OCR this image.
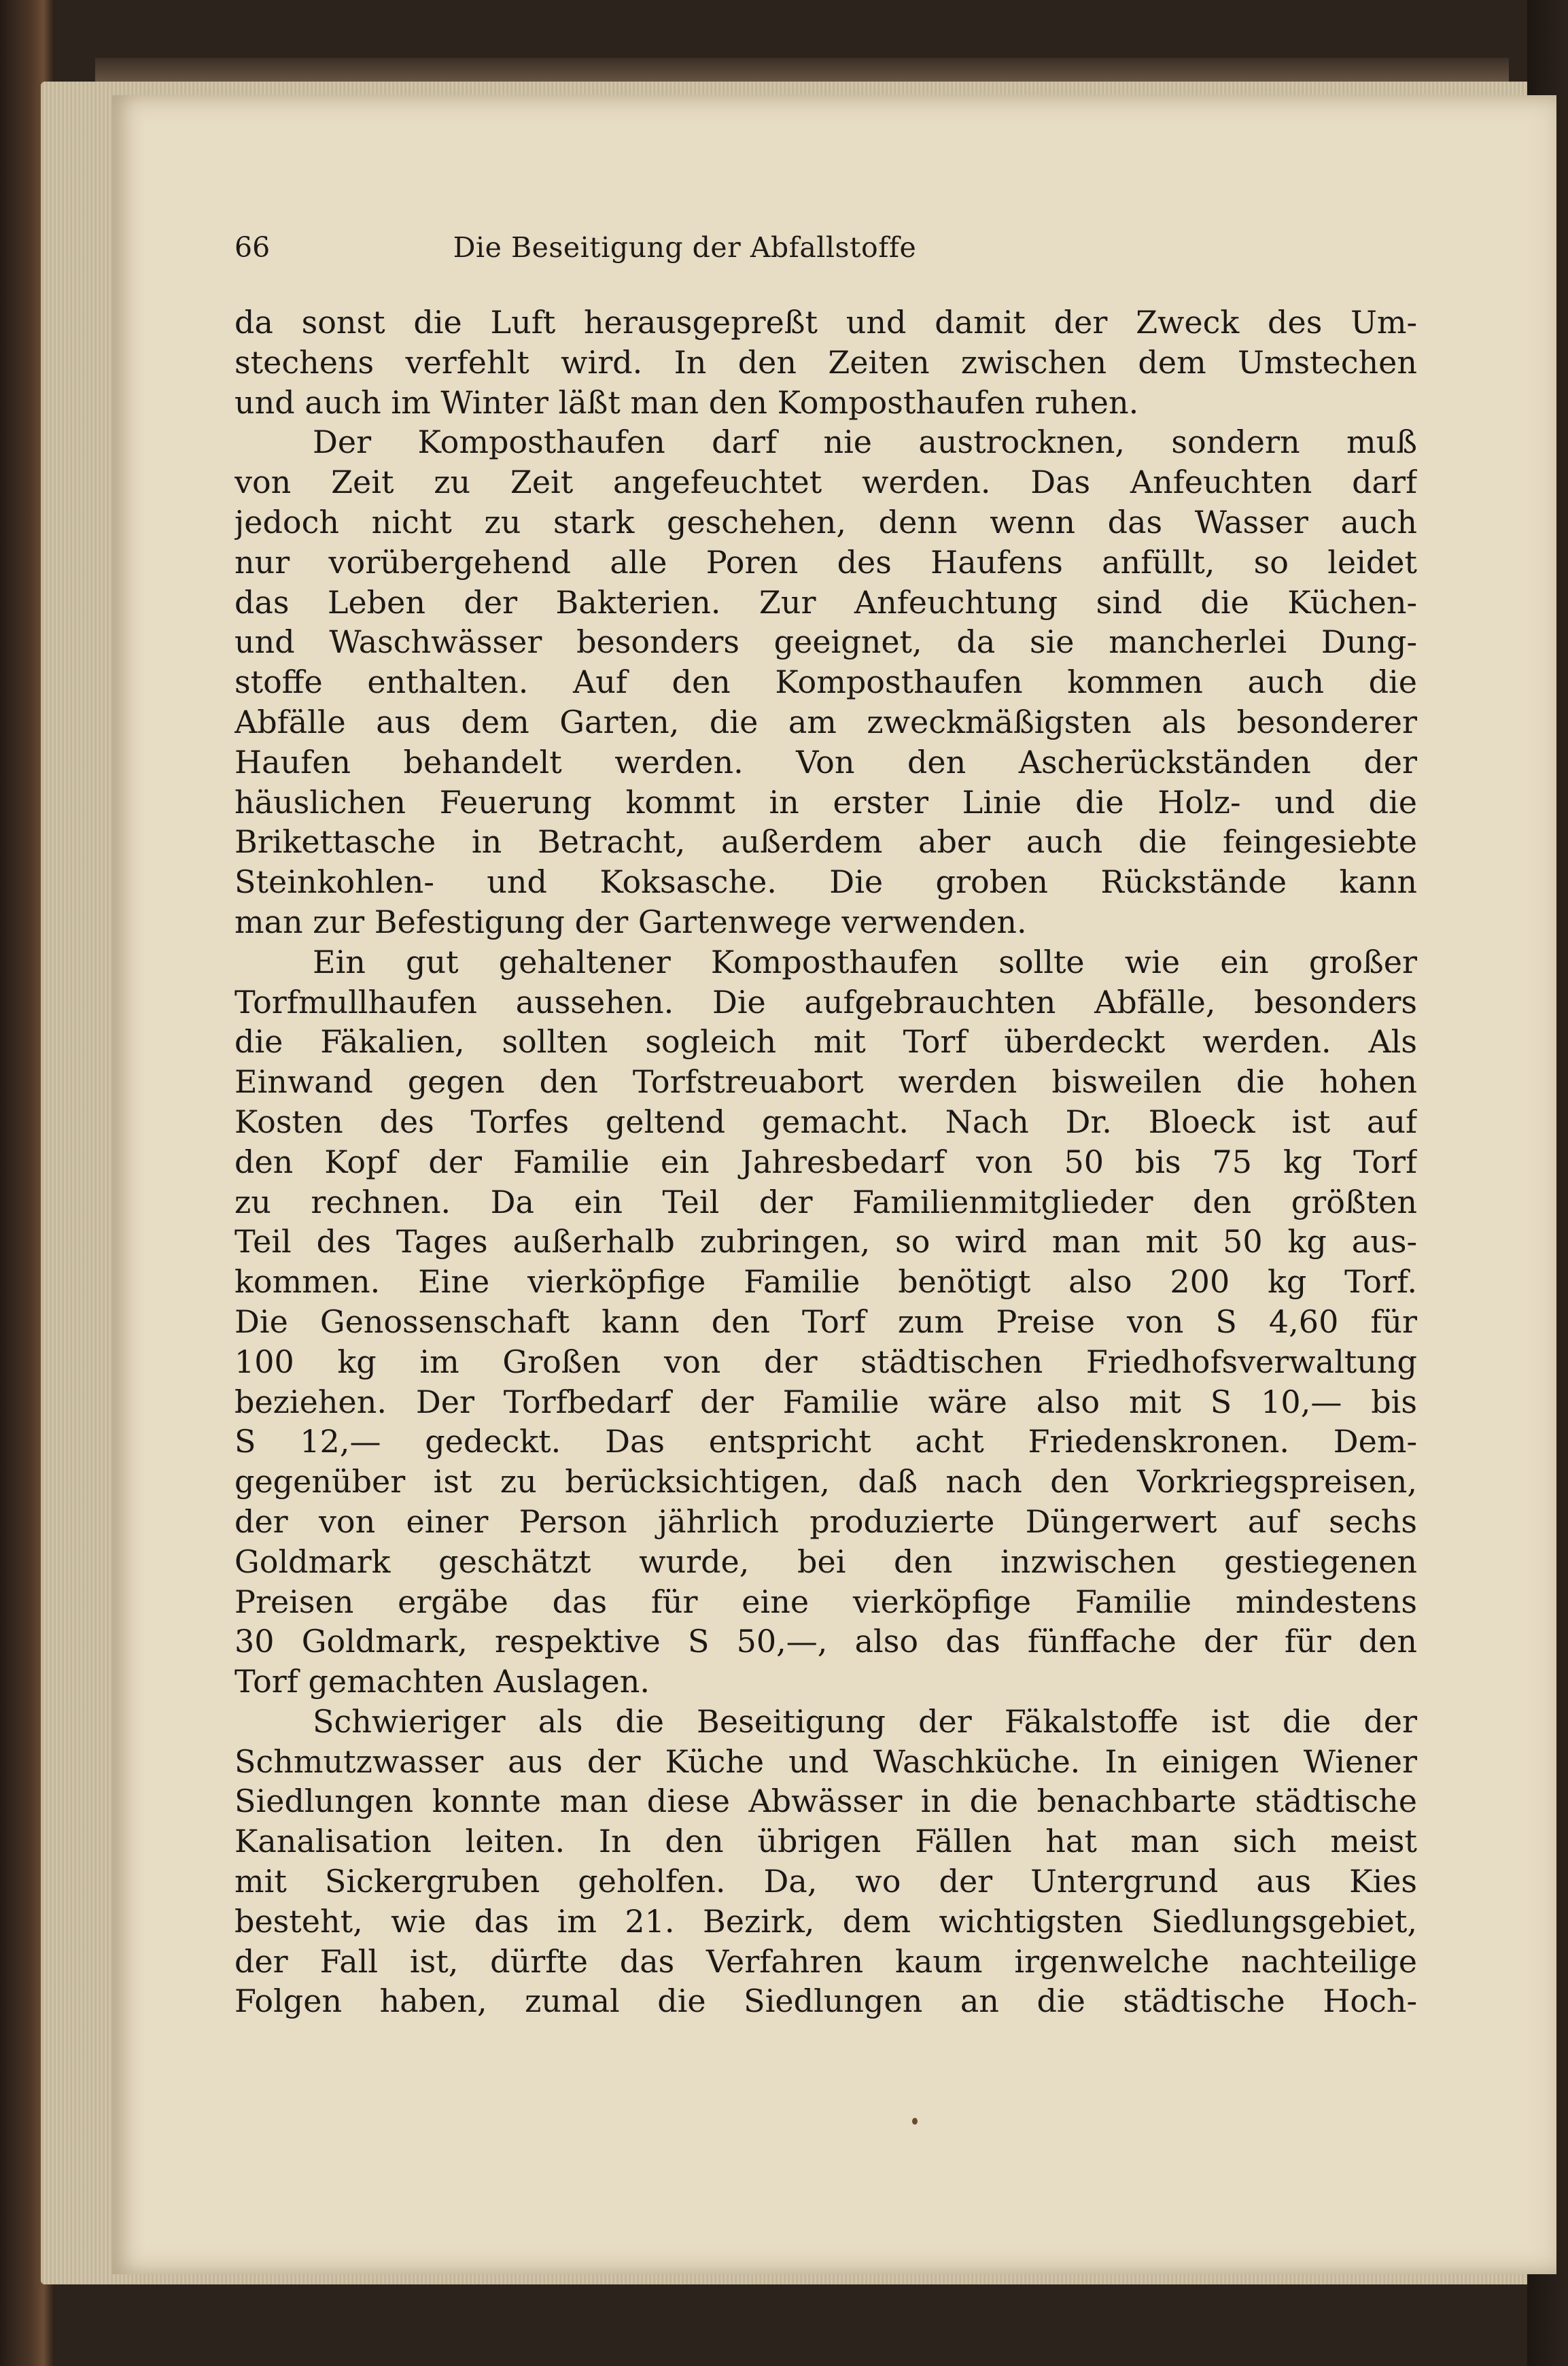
66	Die Beseitigung der Abfallstoffe
da sonst die Luft herausgepreßt und damit der Zweck des Um-
stechens verfehlt wird. In den Zeiten zwischen dem Umstechen
und auch im Winter läßt man den Komposthaufen ruhen.
Der Komposthaufen darf nie austrocknen, sondern muß
von Zeit zu Zeit angefeuchtet werden. Das Anfeuchten darf
jedoch nicht zu stark geschehen, denn wenn das Wasser auch
nur vorübergehend alle Poren des Haufens anfüllt, so leidet
das Leben der Bakterien. Zur Anfeuchtung sind die Küchen-
und Waschwässer besonders geeignet, da sie mancherlei Dung-
stoffe enthalten. Auf den Komposthaufen kommen auch die
Abfälle aus dem Garten, die am zweckmäßigsten als besonderer
Haufen behandelt werden. Von den Ascherückständen der
häuslichen Feuerung kommt in erster Linie die Holz- und die
Brikettasche in Betracht, außerdem aber auch die feingesiebte
Steinkohlen- und Koksasche. Die groben Rückstände kann
man zur Befestigung der Gartenwege verwenden.
Ein gut gehaltener Komposthaufen sollte wie ein großer
Torfmullhaufen aussehen. Die aufgebrauchten Abfälle, besonders
die Fäkalien, sollten sogleich mit Torf überdeckt werden. Als
Einwand gegen den Torfstreuabort werden bisweilen die hohen
Kosten des Torfes geltend gemacht. Nach Dr. Bloeck ist auf
den Kopf der Familie ein Jahresbedarf von 50 bis 75 kg Torf
zu rechnen. Da ein Teil der Familienmitglieder den größten
Teil des Tages außerhalb zubringen, so wird man mit 50 kg aus-
kommen. Eine vierköpfige Familie benötigt also 200 kg Torf.
Die Genossenschaft kann den Torf zum Preise von S 4,60 für
100 kg im Großen von der städtischen Friedhofsverwaltung
beziehen. Der Torfbedarf der Familie wäre also mit S 10,— bis
S 12,— gedeckt. Das entspricht acht Friedenskronen. Dem-
gegenüber ist zu berücksichtigen, daß nach den Vorkriegspreisen,
der von einer Person jährlich produzierte Düngerwert auf sechs
Goldmark geschätzt wurde, bei den inzwischen gestiegenen
Preisen ergäbe das für eine vierköpfige Familie mindestens
30 Goldmark, respektive S 50,—, also das fünffache der für den
Torf gemachten Auslagen.
Schwieriger als die Beseitigung der Fäkalstoffe ist die der
Schmutzwasser aus der Küche und Waschküche. In einigen Wiener
Siedlungen konnte man diese Abwässer in die benachbarte städtische
Kanalisation leiten. In den übrigen Fällen hat man sich meist
mit Sickergruben geholfen. Da, wo der Untergrund aus Kies
besteht, wie das im 21. Bezirk, dem wichtigsten Siedlungsgebiet,
der Fall ist, dürfte das Verfahren kaum irgenwelche nachteilige
Folgen haben, zumal die Siedlungen an die städtische Hoch-
